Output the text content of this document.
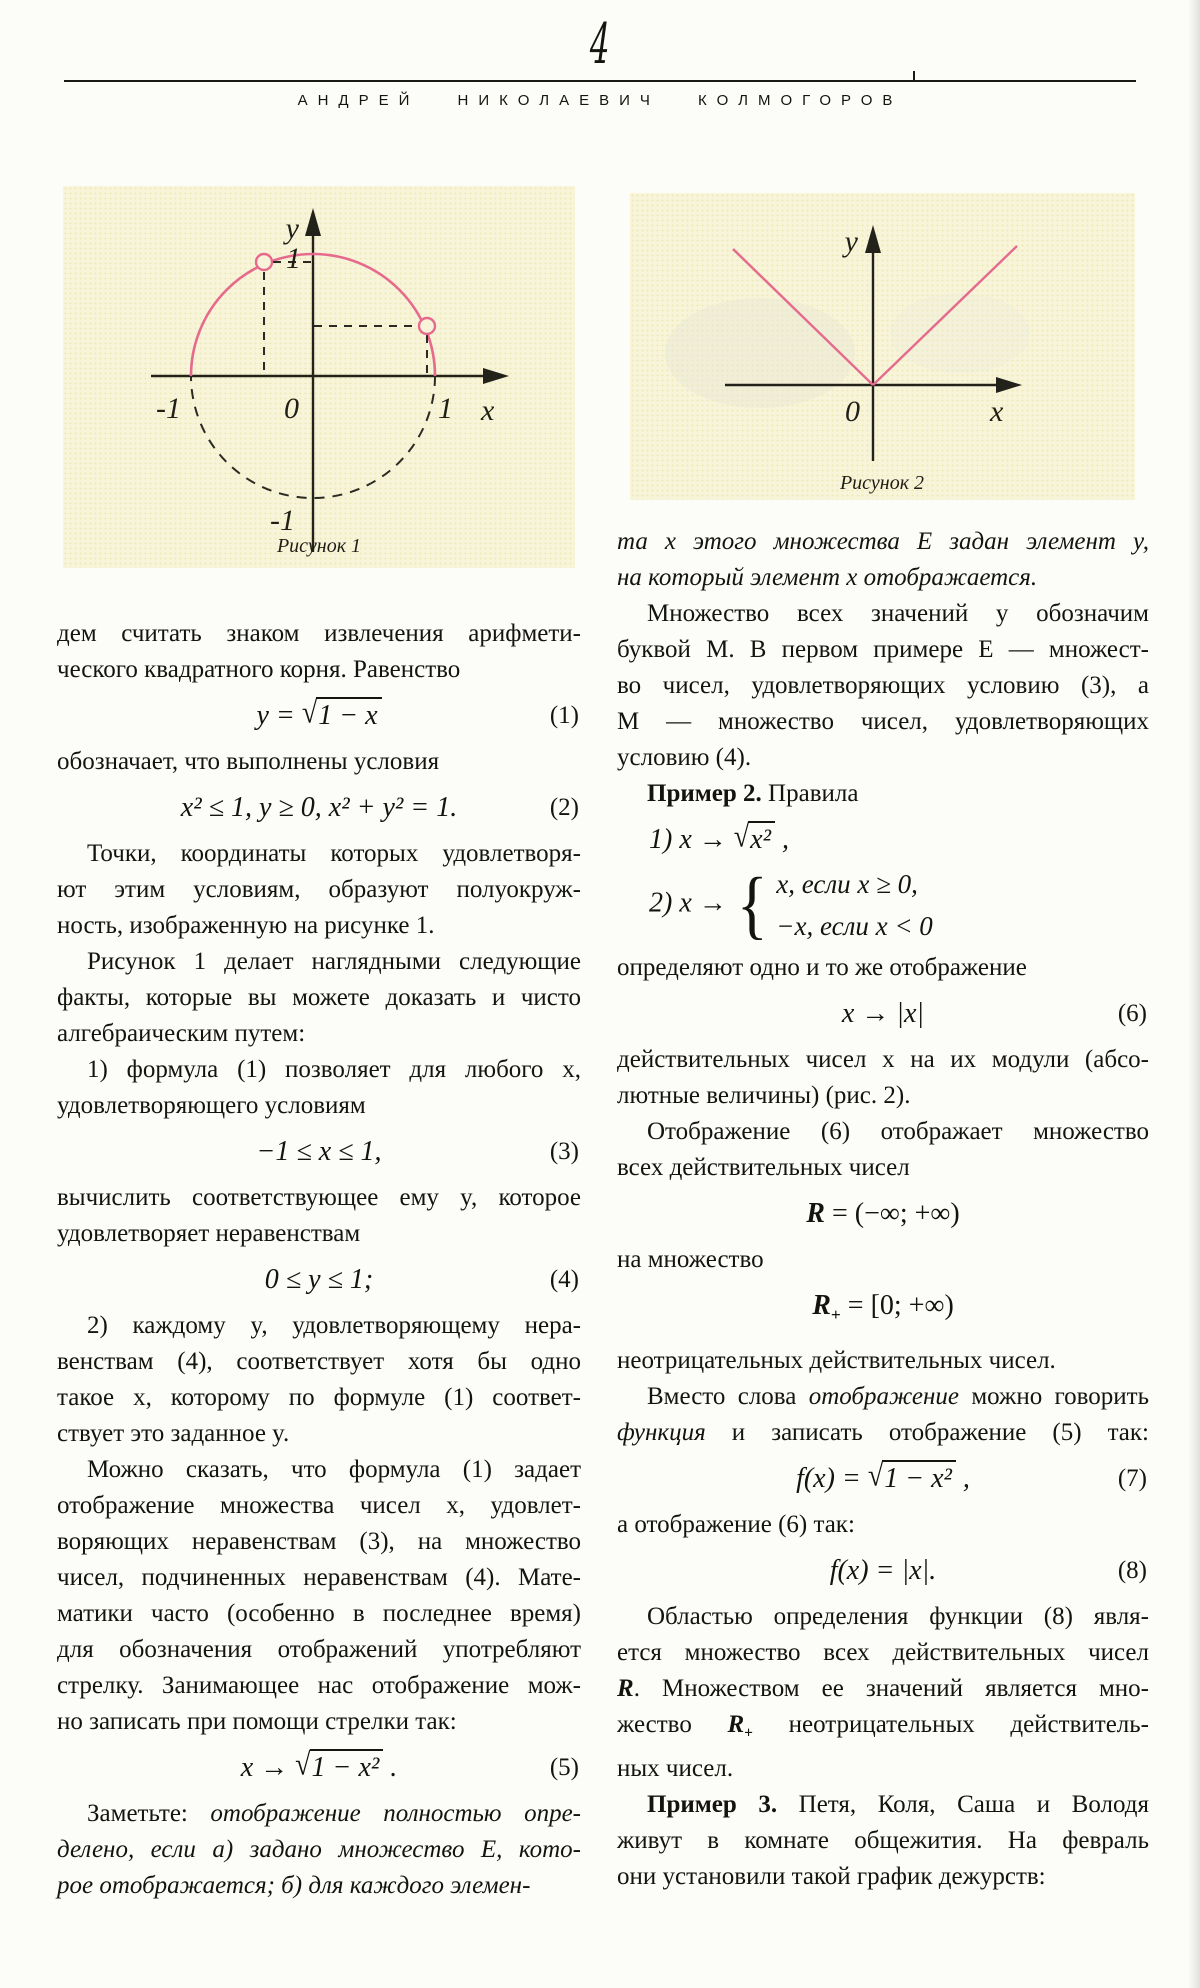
4
АНДРЕЙ НИКОЛАЕВИЧ КОЛМОГОРОВ
y
1
-1	0	1 x
-1
Рисунок 1
y
0	x
Рисунок 2
дем считать знаком извлечения арифмети-
ческого квадратного корня. Равенство
y = √1 − x	(1)
обозначает, что выполнены условия
x² ≤ 1, y ≥ 0, x² + y² = 1.	(2)
Точки, координаты которых удовлетворя-
ют этим условиям, образуют полуокруж-
ность, изображенную на рисунке 1.
Рисунок 1 делает наглядными следующие
факты, которые вы можете доказать и чисто
алгебраическим путем:
1) формула (1) позволяет для любого x,
удовлетворяющего условиям
−1 ≤ x ≤ 1,	(3)
вычислить соответствующее ему y, которое
удовлетворяет неравенствам
0 ≤ y ≤ 1;	(4)
2) каждому y, удовлетворяющему нера-
венствам (4), соответствует хотя бы одно
такое x, которому по формуле (1) соответ-
ствует это заданное y.
Можно сказать, что формула (1) задает
отображение множества чисел x, удовлет-
воряющих неравенствам (3), на множество
чисел, подчиненных неравенствам (4). Мате-
матики часто (особенно в последнее время)
для обозначения отображений употребляют
стрелку. Занимающее нас отображение мож-
но записать при помощи стрелки так:
x → √1 − x² .	(5)
Заметьте: отображение полностью опре-
делено, если а) задано множество E, кото-
рое отображается; б) для каждого элемен-
та x этого множества E задан элемент y,
на который элемент x отображается.
Множество всех значений y обозначим
буквой M. В первом примере E — множест-
во чисел, удовлетворяющих условию (3), а
M — множество чисел, удовлетворяющих
условию (4).
Пример 2. Правила
1) x → √x² ,
2) x → { x, если x ≥ 0,
−x, если x < 0
определяют одно и то же отображение
x → |x|	(6)
действительных чисел x на их модули (абсо-
лютные величины) (рис. 2).
Отображение (6) отображает множество
всех действительных чисел
R = (−∞; +∞)
на множество
$R_+ = [0$; +∞)
неотрицательных действительных чисел.
Вместо слова отображение можно говорить
функция и записать отображение (5) так:
f(x) = √1 − x² ,	(7)
а отображение (6) так:
f(x) = |x|.	(8)
Областью определения функции (8) явля-
ется множество всех действительных чисел
R. Множеством ее значений является мно-
жество $R_+$ неотрицательных действитель-
ных чисел.
Пример 3. Петя, Коля, Саша и Володя
живут в комнате общежития. На февраль
они установили такой график дежурств:
